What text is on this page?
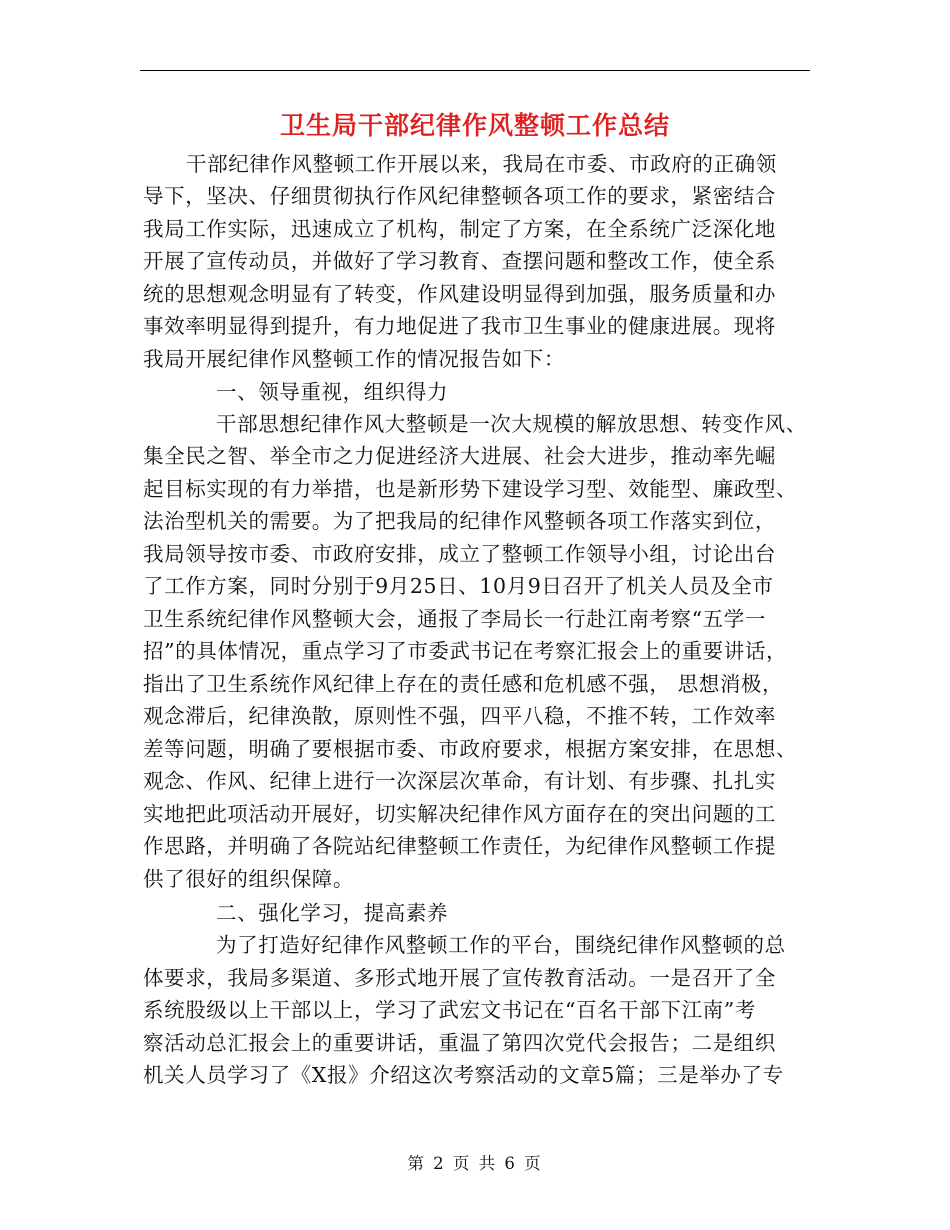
卫生局干部纪律作风整顿工作总结
干部纪律作风整顿工作开展以来，我局在市委、市政府的正确领
导下，坚决、仔细贯彻执行作风纪律整顿各项工作的要求，紧密结合
我局工作实际，迅速成立了机构，制定了方案，在全系统广泛深化地
开展了宣传动员，并做好了学习教育、查摆问题和整改工作，使全系
统的思想观念明显有了转变，作风建设明显得到加强，服务质量和办
事效率明显得到提升，有力地促进了我市卫生事业的健康进展。现将
我局开展纪律作风整顿工作的情况报告如下：
一、领导重视，组织得力
干部思想纪律作风大整顿是一次大规模的解放思想、转变作风、
集全民之智、举全市之力促进经济大进展、社会大进步，推动率先崛
起目标实现的有力举措，也是新形势下建设学习型、效能型、廉政型、
法治型机关的需要。为了把我局的纪律作风整顿各项工作落实到位，
我局领导按市委、市政府安排，成立了整顿工作领导小组，讨论出台
了工作方案，同时分别于9月25日、10月9日召开了机关人员及全市
卫生系统纪律作风整顿大会，通报了李局长一行赴江南考察“五学一
招”的具体情况，重点学习了市委武书记在考察汇报会上的重要讲话，
指出了卫生系统作风纪律上存在的责任感和危机感不强， 思想消极，
观念滞后，纪律涣散，原则性不强，四平八稳，不推不转，工作效率
差等问题，明确了要根据市委、市政府要求，根据方案安排，在思想、
观念、作风、纪律上进行一次深层次革命，有计划、有步骤、扎扎实
实地把此项活动开展好，切实解决纪律作风方面存在的突出问题的工
作思路，并明确了各院站纪律整顿工作责任，为纪律作风整顿工作提
供了很好的组织保障。
二、强化学习，提高素养
为了打造好纪律作风整顿工作的平台，围绕纪律作风整顿的总
体要求，我局多渠道、多形式地开展了宣传教育活动。一是召开了全
系统股级以上干部以上，学习了武宏文书记在“百名干部下江南”考
察活动总汇报会上的重要讲话，重温了第四次党代会报告；二是组织
机关人员学习了《X报》介绍这次考察活动的文章5篇；三是举办了专
第 2 页 共 6 页
